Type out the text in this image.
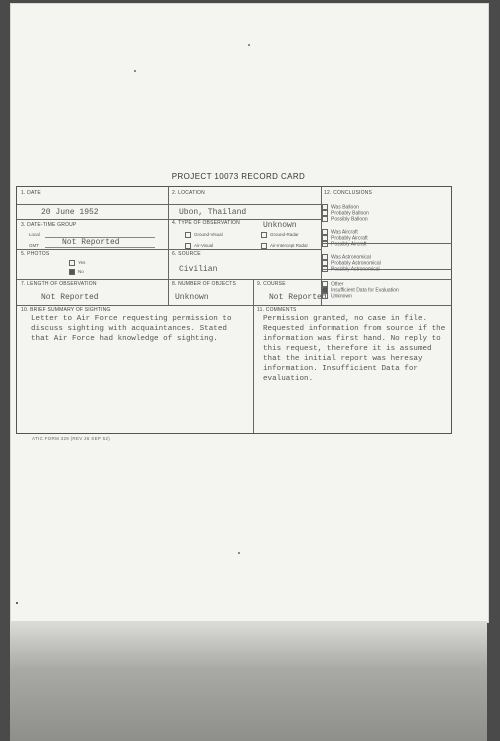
PROJECT 10073 RECORD CARD
1. DATE
20 June 1952
2. LOCATION
Ubon, Thailand
3. DATE-TIME GROUP
Local
GMT	Not Reported
4. TYPE OF OBSERVATION	Unknown
Ground-Visual	Ground-Radar
Air-Visual	Air-Intercept Radar
5. PHOTOS
Yes
No
6. SOURCE
Civilian
7. LENGTH OF OBSERVATION
Not Reported
8. NUMBER OF OBJECTS
Unknown
9. COURSE
Not Reported
10. BRIEF SUMMARY OF SIGHTING
Letter to Air Force requesting permission to
discuss sighting with acquaintances. Stated
that Air Force had knowledge of sighting.
11. COMMENTS
Permission granted, no case in file.
Requested information from source if the
information was first hand. No reply to
this request, therefore it is assumed
that the initial report was heresay
information. Insufficient Data for
evaluation.
12. CONCLUSIONS
Was Balloon
Probably Balloon
Possibly Balloon
Was Aircraft
Probably Aircraft
Possibly Aircraft
Was Astronomical
Probably Astronomical
Possibly Astronomical
Other
Insufficient Data for Evaluation
Unknown
ATIC FORM 329 (REV 26 SEP 52)
